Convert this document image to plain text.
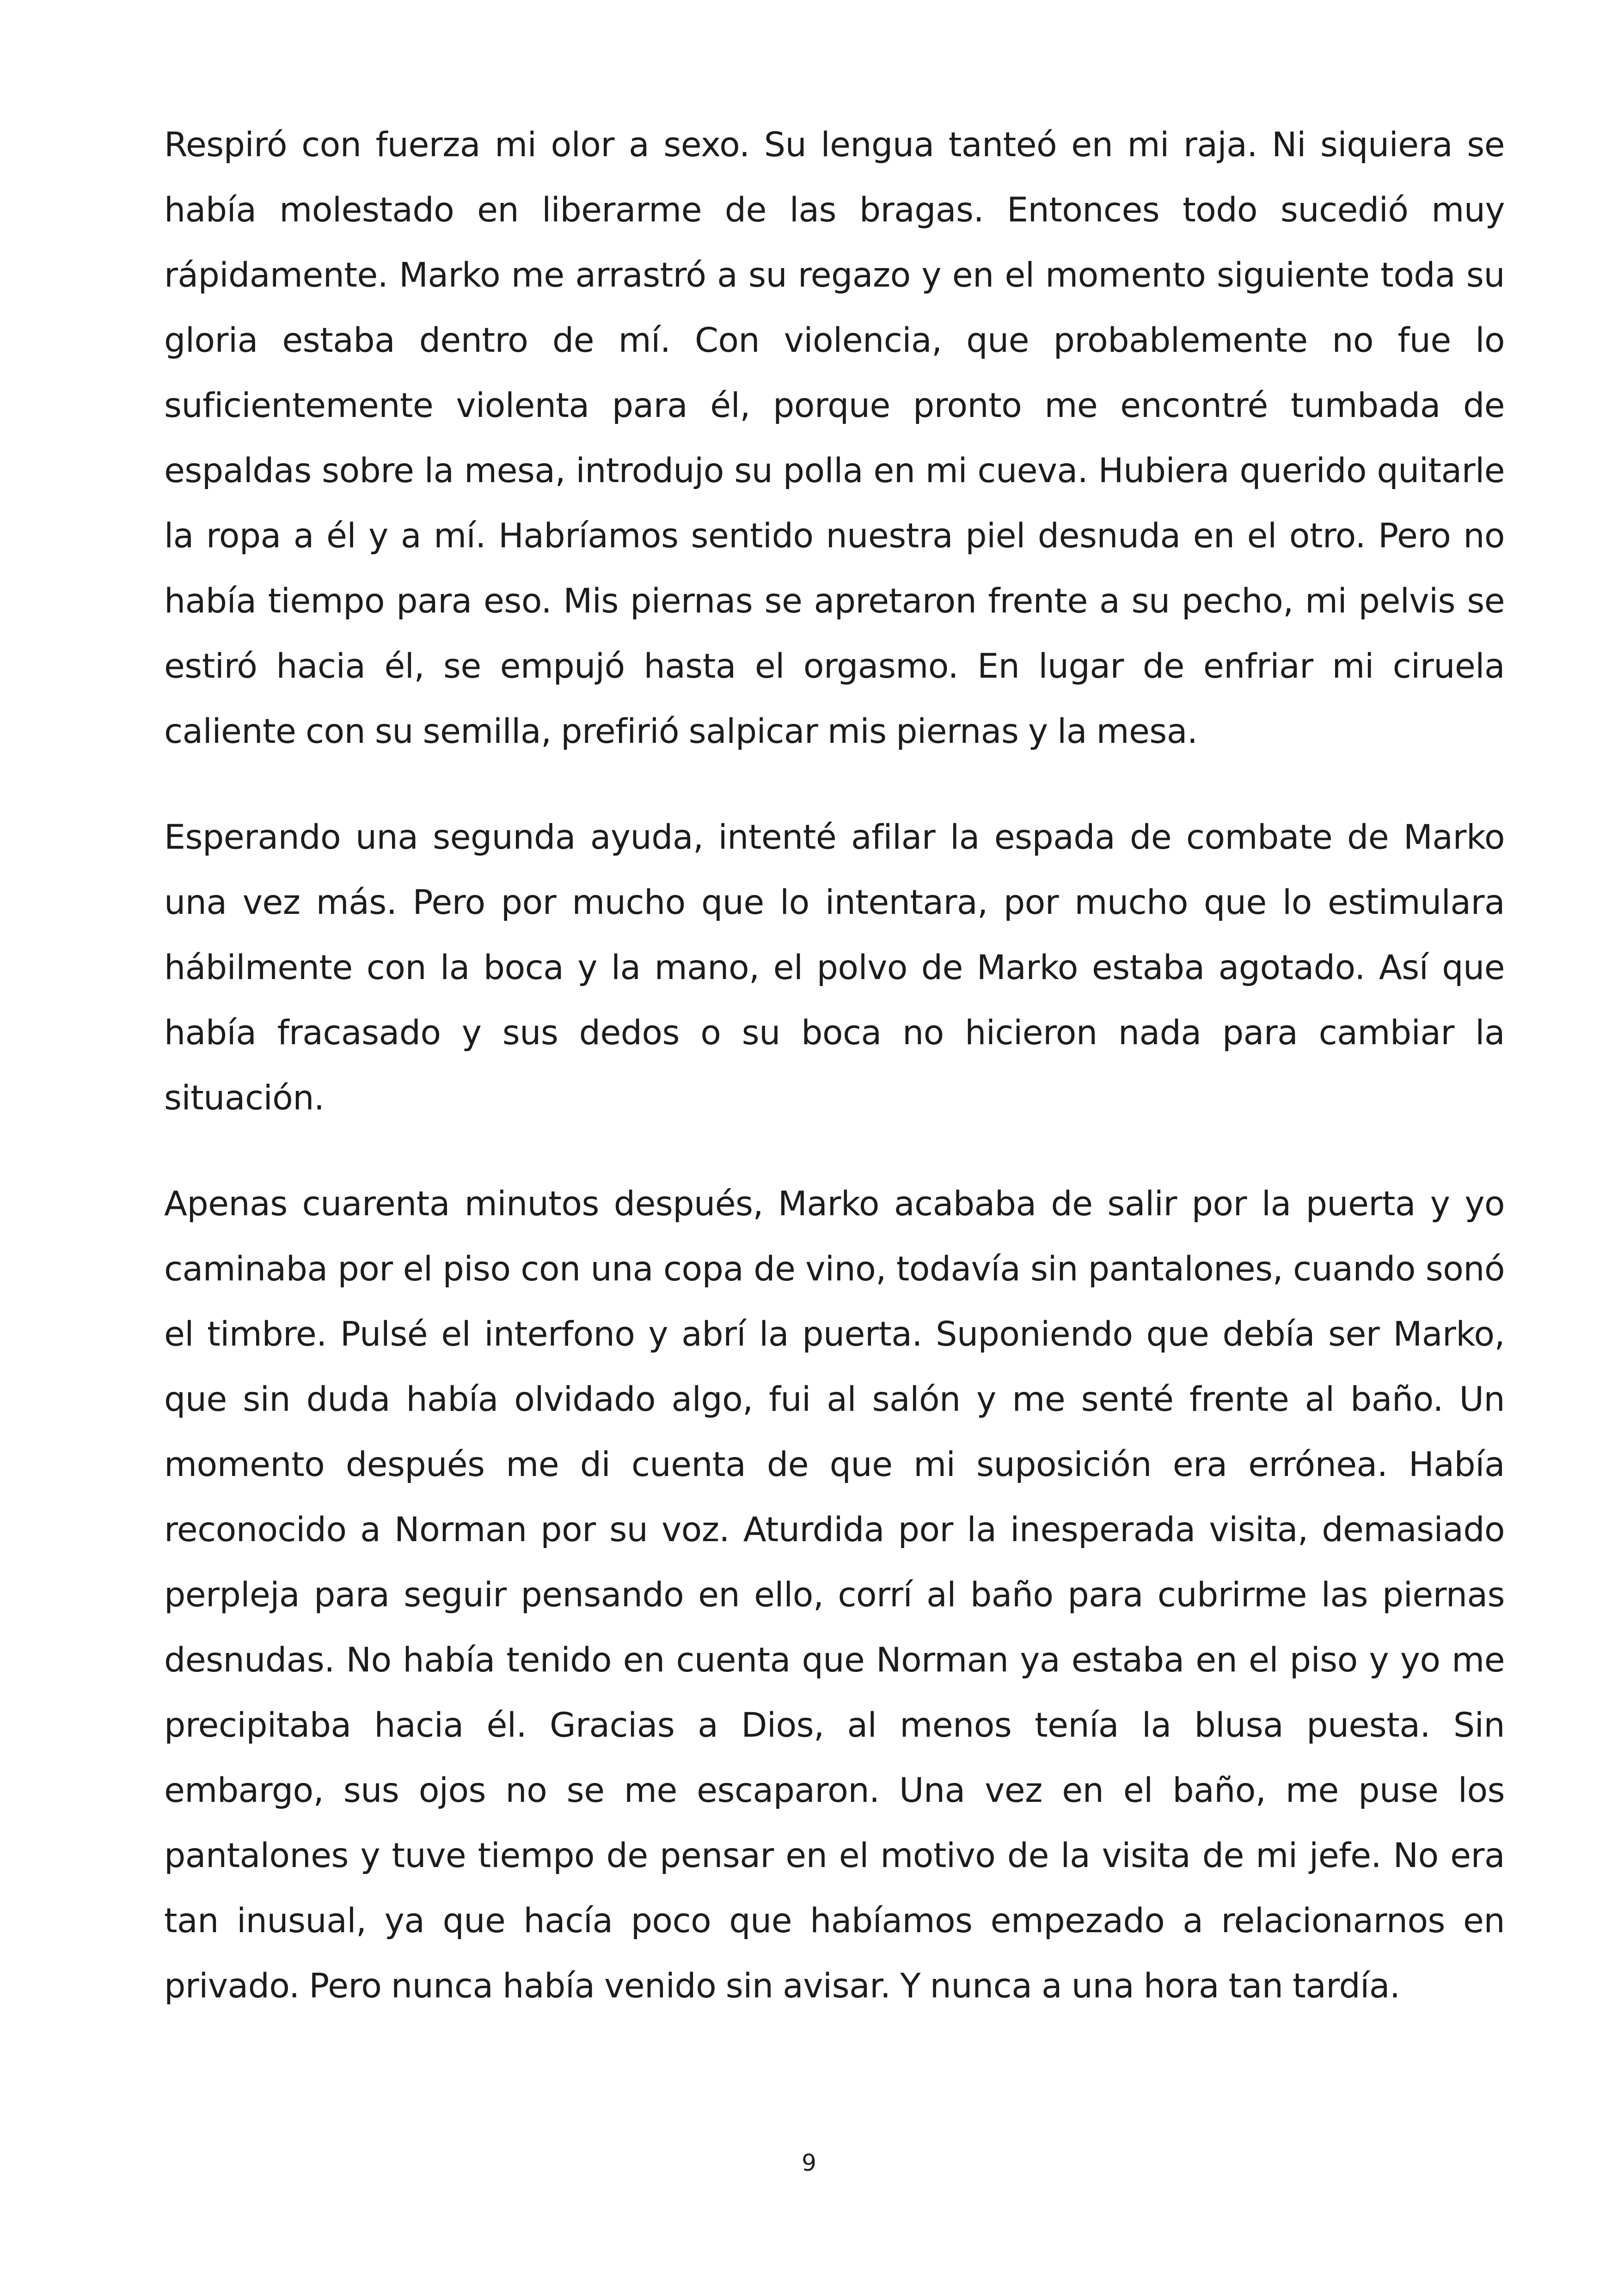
Respiró con fuerza mi olor a sexo. Su lengua tanteó en mi raja. Ni siquiera se había molestado en liberarme de las bragas. Entonces todo sucedió muy rápidamente. Marko me arrastró a su regazo y en el momento siguiente toda su gloria estaba dentro de mí. Con violencia, que probablemente no fue lo suficientemente violenta para él, porque pronto me encontré tumbada de espaldas sobre la mesa, introdujo su polla en mi cueva. Hubiera querido quitarle la ropa a él y a mí. Habríamos sentido nuestra piel desnuda en el otro. Pero no había tiempo para eso. Mis piernas se apretaron frente a su pecho, mi pelvis se estiró hacia él, se empujó hasta el orgasmo. En lugar de enfriar mi ciruela caliente con su semilla, prefirió salpicar mis piernas y la mesa.

Esperando una segunda ayuda, intenté afilar la espada de combate de Marko una vez más. Pero por mucho que lo intentara, por mucho que lo estimulara hábilmente con la boca y la mano, el polvo de Marko estaba agotado. Así que había fracasado y sus dedos o su boca no hicieron nada para cambiar la situación.

Apenas cuarenta minutos después, Marko acababa de salir por la puerta y yo caminaba por el piso con una copa de vino, todavía sin pantalones, cuando sonó el timbre. Pulsé el interfono y abrí la puerta. Suponiendo que debía ser Marko, que sin duda había olvidado algo, fui al salón y me senté frente al baño. Un momento después me di cuenta de que mi suposición era errónea. Había reconocido a Norman por su voz. Aturdida por la inesperada visita, demasiado perpleja para seguir pensando en ello, corrí al baño para cubrirme las piernas desnudas. No había tenido en cuenta que Norman ya estaba en el piso y yo me precipitaba hacia él. Gracias a Dios, al menos tenía la blusa puesta. Sin embargo, sus ojos no se me escaparon. Una vez en el baño, me puse los pantalones y tuve tiempo de pensar en el motivo de la visita de mi jefe. No era tan inusual, ya que hacía poco que habíamos empezado a relacionarnos en privado. Pero nunca había venido sin avisar. Y nunca a una hora tan tardía.

9
